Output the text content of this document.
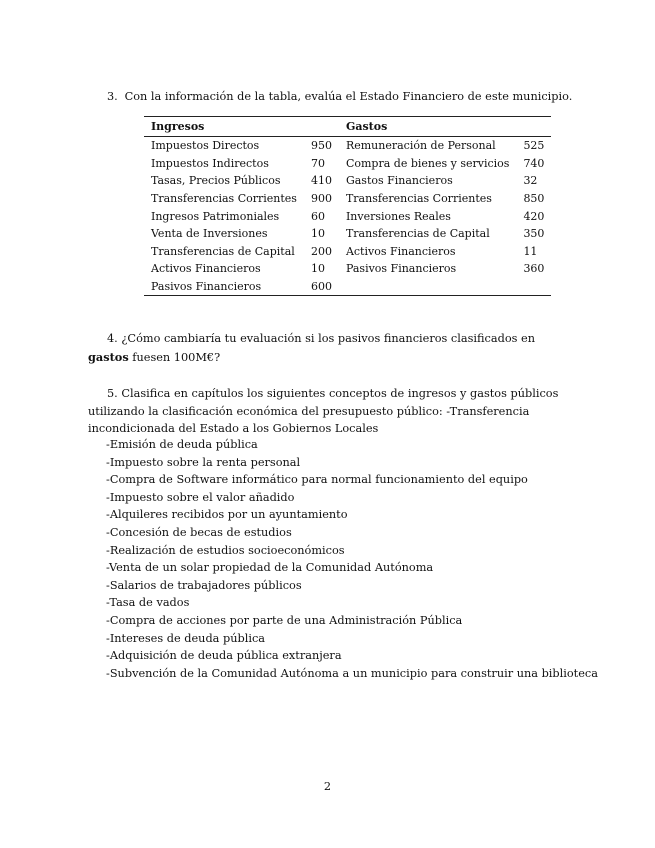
3. Con la información de la tabla, evalúa el Estado Financiero de este municipio.
Ingresos		Gastos	
Impuestos Directos	950	Remuneración de Personal	525
Impuestos Indirectos	70	Compra de bienes y servicios	740
Tasas, Precios Públicos	410	Gastos Financieros	32
Transferencias Corrientes	900	Transferencias Corrientes	850
Ingresos Patrimoniales	60	Inversiones Reales	420
Venta de Inversiones	10	Transferencias de Capital	350
Transferencias de Capital	200	Activos Financieros	11
Activos Financieros	10	Pasivos Financieros	360
Pasivos Financieros	600		
4. ¿Cómo cambiaría tu evaluación si los pasivos financieros clasificados en gastos fuesen 100M€?
5. Clasifica en capítulos los siguientes conceptos de ingresos y gastos públicos utilizando la clasificación económica del presupuesto público: -Transferencia incondicionada del Estado a los Gobiernos Locales
-Emisión de deuda pública
-Impuesto sobre la renta personal
-Compra de Software informático para normal funcionamiento del equipo
-Impuesto sobre el valor añadido
-Alquileres recibidos por un ayuntamiento
-Concesión de becas de estudios
-Realización de estudios socioeconómicos
-Venta de un solar propiedad de la Comunidad Autónoma
-Salarios de trabajadores públicos
-Tasa de vados
-Compra de acciones por parte de una Administración Pública
-Intereses de deuda pública
-Adquisición de deuda pública extranjera
-Subvención de la Comunidad Autónoma a un municipio para construir una biblioteca
2
